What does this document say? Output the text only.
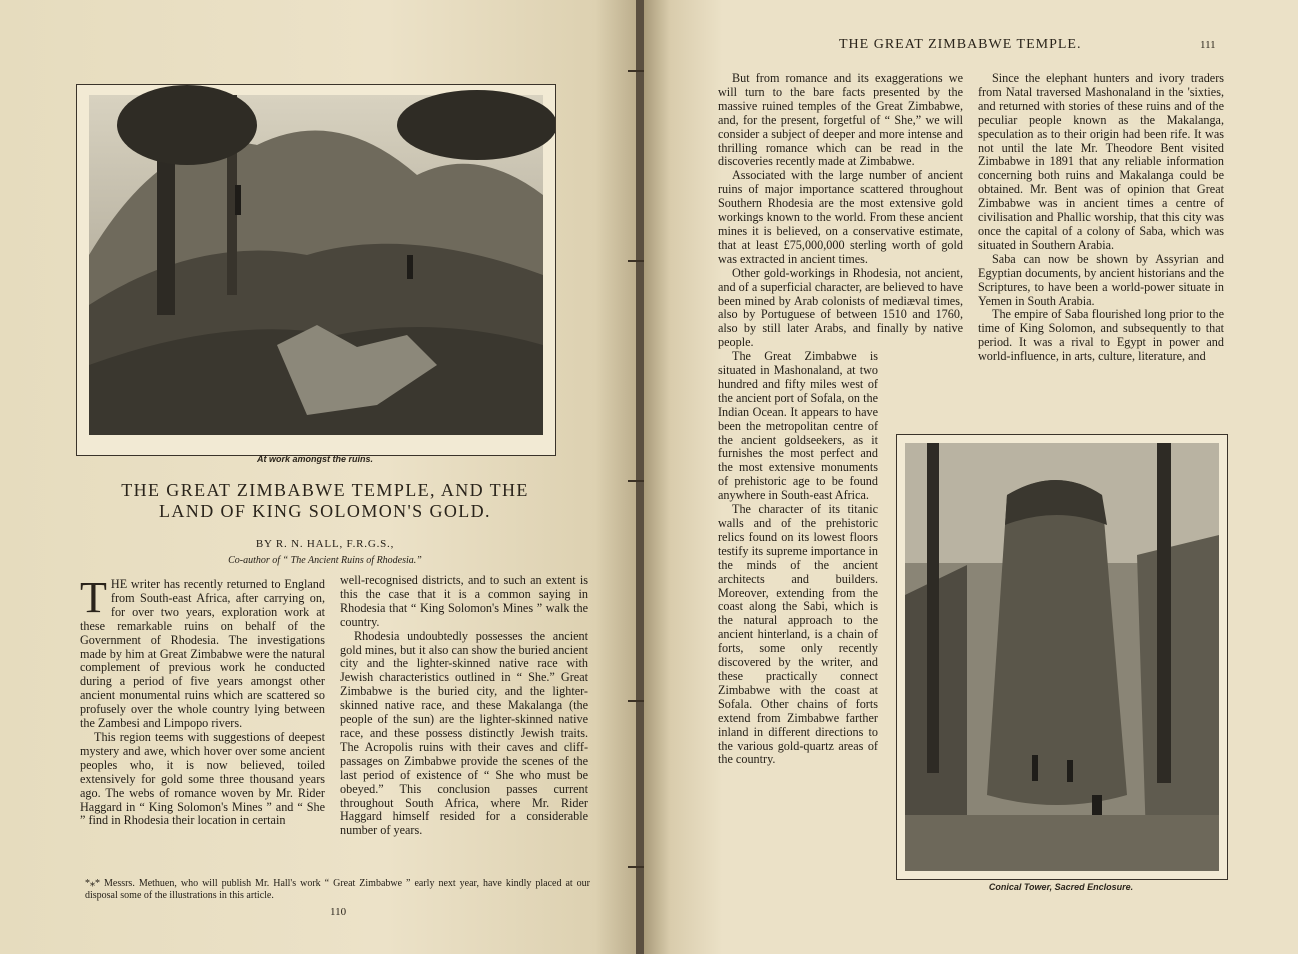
At work amongst the ruins.
THE GREAT ZIMBABWE TEMPLE, AND THE
LAND OF KING SOLOMON'S GOLD.
BY R. N. HALL, F.R.G.S.,
Co-author of “ The Ancient Ruins of Rhodesia.”

THE writer has recently returned to England from South-east Africa, after carrying on, for over two years, exploration work at these remarkable ruins on behalf of the Government of Rhodesia. The investigations made by him at Great Zimbabwe were the natural complement of previous work he conducted during a period of five years amongst other ancient monumental ruins which are scattered so profusely over the whole country lying between the Zambesi and Limpopo rivers.

This region teems with suggestions of deepest mystery and awe, which hover over some ancient peoples who, it is now believed, toiled extensively for gold some three thousand years ago. The webs of romance woven by Mr. Rider Haggard in “ King Solomon's Mines ” and “ She ” find in Rhodesia their location in certain

well-recognised districts, and to such an extent is this the case that it is a common saying in Rhodesia that “ King Solomon's Mines ” walk the country.

Rhodesia undoubtedly possesses the ancient gold mines, but it also can show the buried ancient city and the lighter-skinned native race with Jewish characteristics outlined in “ She.” Great Zimbabwe is the buried city, and the lighter-skinned native race, and these Makalanga (the people of the sun) are the lighter-skinned native race, and these possess distinctly Jewish traits. The Acropolis ruins with their caves and cliff-passages on Zimbabwe provide the scenes of the last period of existence of “ She who must be obeyed.” This conclusion passes current throughout South Africa, where Mr. Rider Haggard himself resided for a considerable number of years.

*⁎* Messrs. Methuen, who will publish Mr. Hall's work “ Great Zimbabwe ” early next year, have kindly placed at our disposal some of the illustrations in this article.
110
THE GREAT ZIMBABWE TEMPLE.	111

But from romance and its exaggerations we will turn to the bare facts presented by the massive ruined temples of the Great Zimbabwe, and, for the present, forgetful of “ She,” we will consider a subject of deeper and more intense and thrilling romance which can be read in the discoveries recently made at Zimbabwe.

Associated with the large number of ancient ruins of major importance scattered throughout Southern Rhodesia are the most extensive gold workings known to the world. From these ancient mines it is believed, on a conservative estimate, that at least £75,000,000 sterling worth of gold was extracted in ancient times.

Other gold-workings in Rhodesia, not ancient, and of a superficial character, are believed to have been mined by Arab colonists of mediæval times, also by Portuguese of between 1510 and 1760, also by still later Arabs, and finally by native people.

The Great Zimbabwe is situated in Mashonaland, at two hundred and fifty miles west of the ancient port of Sofala, on the Indian Ocean. It appears to have been the metropolitan centre of the ancient goldseekers, as it furnishes the most perfect and the most extensive monuments of prehistoric age to be found anywhere in South-east Africa.

The character of its titanic walls and of the prehistoric relics found on its lowest floors testify its supreme importance in the minds of the ancient architects and builders. Moreover, extending from the coast along the Sabi, which is the natural approach to the ancient hinterland, is a chain of forts, some only recently discovered by the writer, and these practically connect Zimbabwe with the coast at Sofala. Other chains of forts extend from Zimbabwe farther inland in different directions to the various gold-quartz areas of the country.

Since the elephant hunters and ivory traders from Natal traversed Mashonaland in the 'sixties, and returned with stories of these ruins and of the peculiar people known as the Makalanga, speculation as to their origin had been rife. It was not until the late Mr. Theodore Bent visited Zimbabwe in 1891 that any reliable information concerning both ruins and Makalanga could be obtained. Mr. Bent was of opinion that Great Zimbabwe was in ancient times a centre of civilisation and Phallic worship, that this city was once the capital of a colony of Saba, which was situated in Southern Arabia.

Saba can now be shown by Assyrian and Egyptian documents, by ancient historians and the Scriptures, to have been a world-power situate in Yemen in South Arabia.

The empire of Saba flourished long prior to the time of King Solomon, and subsequently to that period. It was a rival to Egypt in power and world-influence, in arts, culture, literature, and

Conical Tower, Sacred Enclosure.
